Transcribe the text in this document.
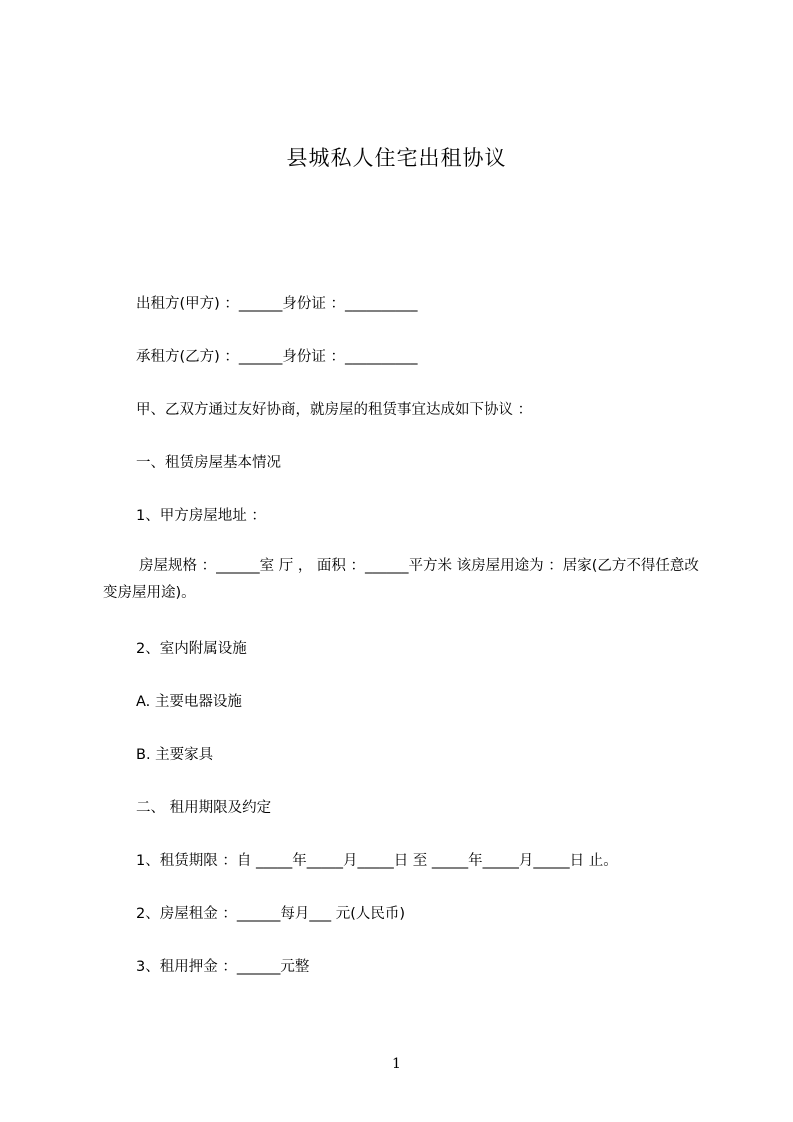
县城私人住宅出租协议

出租方(甲方) ：______身份证 ：__________

承租方(乙方) ：______身份证 ：__________

甲、乙双方通过友好协商，就房屋的租赁事宜达成如下协议 ：

一、租赁房屋基本情况

1、甲方房屋地址 ：

房屋规格 ：______室 厅 ， 面积 ：______平方米 该房屋用途为 ：居家(乙方不得任意改变房屋用途)。

2、室内附属设施

A. 主要电器设施

B. 主要家具

二、 租用期限及约定

1、租赁期限 ：自 _____年_____月_____日 至 _____年_____月_____日 止。

2、房屋租金 ：______每月___ 元(人民币)

3、租用押金 ：______元整

1
